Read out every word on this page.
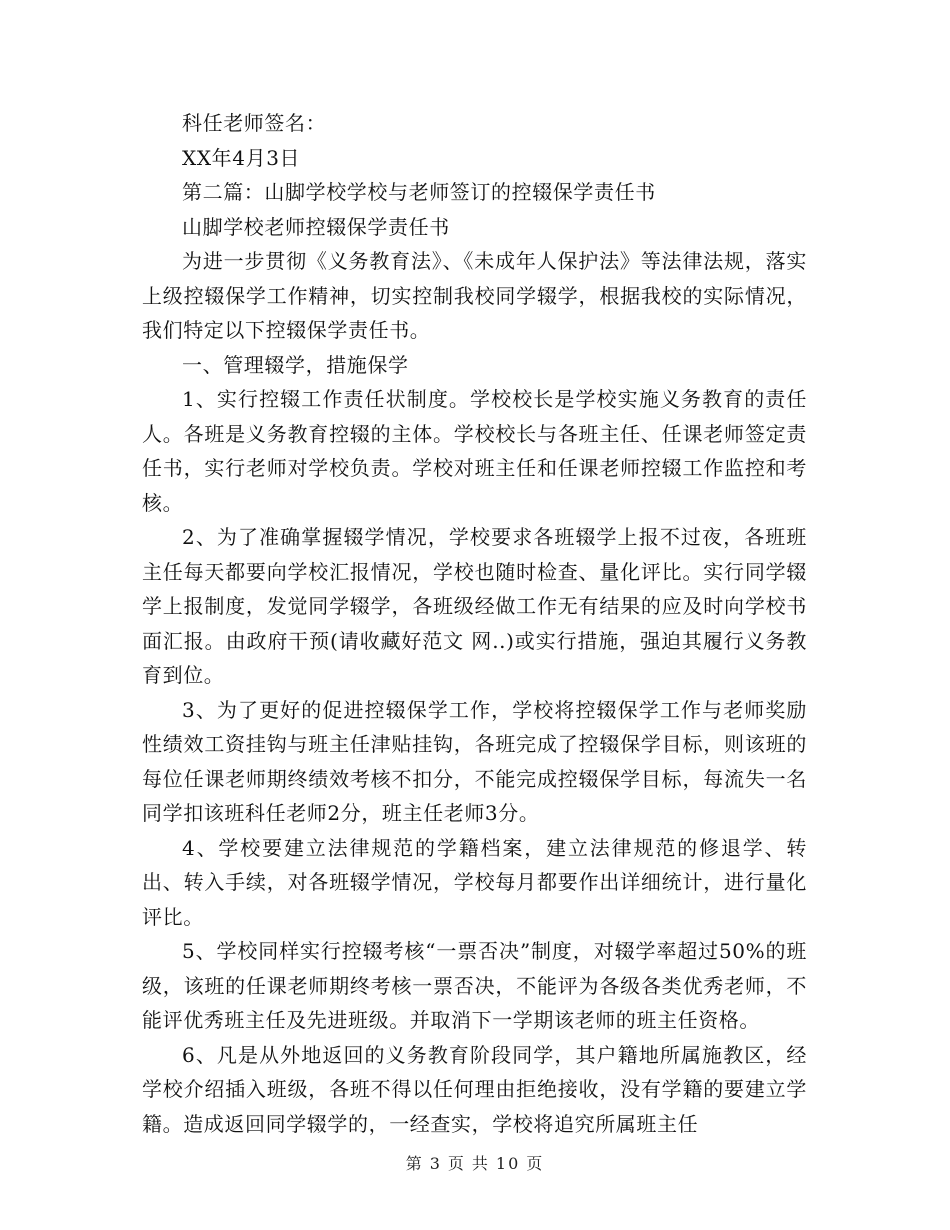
科任老师签名：

XX年4月3日

第二篇：山脚学校学校与老师签订的控辍保学责任书

山脚学校老师控辍保学责任书

为进一步贯彻《义务教育法》、《未成年人保护法》等法律法规，落实上级控辍保学工作精神，切实控制我校同学辍学，根据我校的实际情况，我们特定以下控辍保学责任书。

一、管理辍学，措施保学

1、实行控辍工作责任状制度。学校校长是学校实施义务教育的责任人。各班是义务教育控辍的主体。学校校长与各班主任、任课老师签定责任书，实行老师对学校负责。学校对班主任和任课老师控辍工作监控和考核。

2、为了准确掌握辍学情况，学校要求各班辍学上报不过夜，各班班主任每天都要向学校汇报情况，学校也随时检查、量化评比。实行同学辍学上报制度，发觉同学辍学，各班级经做工作无有结果的应及时向学校书面汇报。由政府干预(请收藏好范文 网..)或实行措施，强迫其履行义务教育到位。

3、为了更好的促进控辍保学工作，学校将控辍保学工作与老师奖励性绩效工资挂钩与班主任津贴挂钩，各班完成了控辍保学目标，则该班的每位任课老师期终绩效考核不扣分，不能完成控辍保学目标，每流失一名同学扣该班科任老师2分，班主任老师3分。

4、学校要建立法律规范的学籍档案，建立法律规范的修退学、转出、转入手续，对各班辍学情况，学校每月都要作出详细统计，进行量化评比。

5、学校同样实行控辍考核“一票否决”制度，对辍学率超过50%的班级，该班的任课老师期终考核一票否决，不能评为各级各类优秀老师，不能评优秀班主任及先进班级。并取消下一学期该老师的班主任资格。

6、凡是从外地返回的义务教育阶段同学，其户籍地所属施教区，经学校介绍插入班级，各班不得以任何理由拒绝接收，没有学籍的要建立学籍。造成返回同学辍学的，一经查实，学校将追究所属班主任

第 3 页 共 10 页
